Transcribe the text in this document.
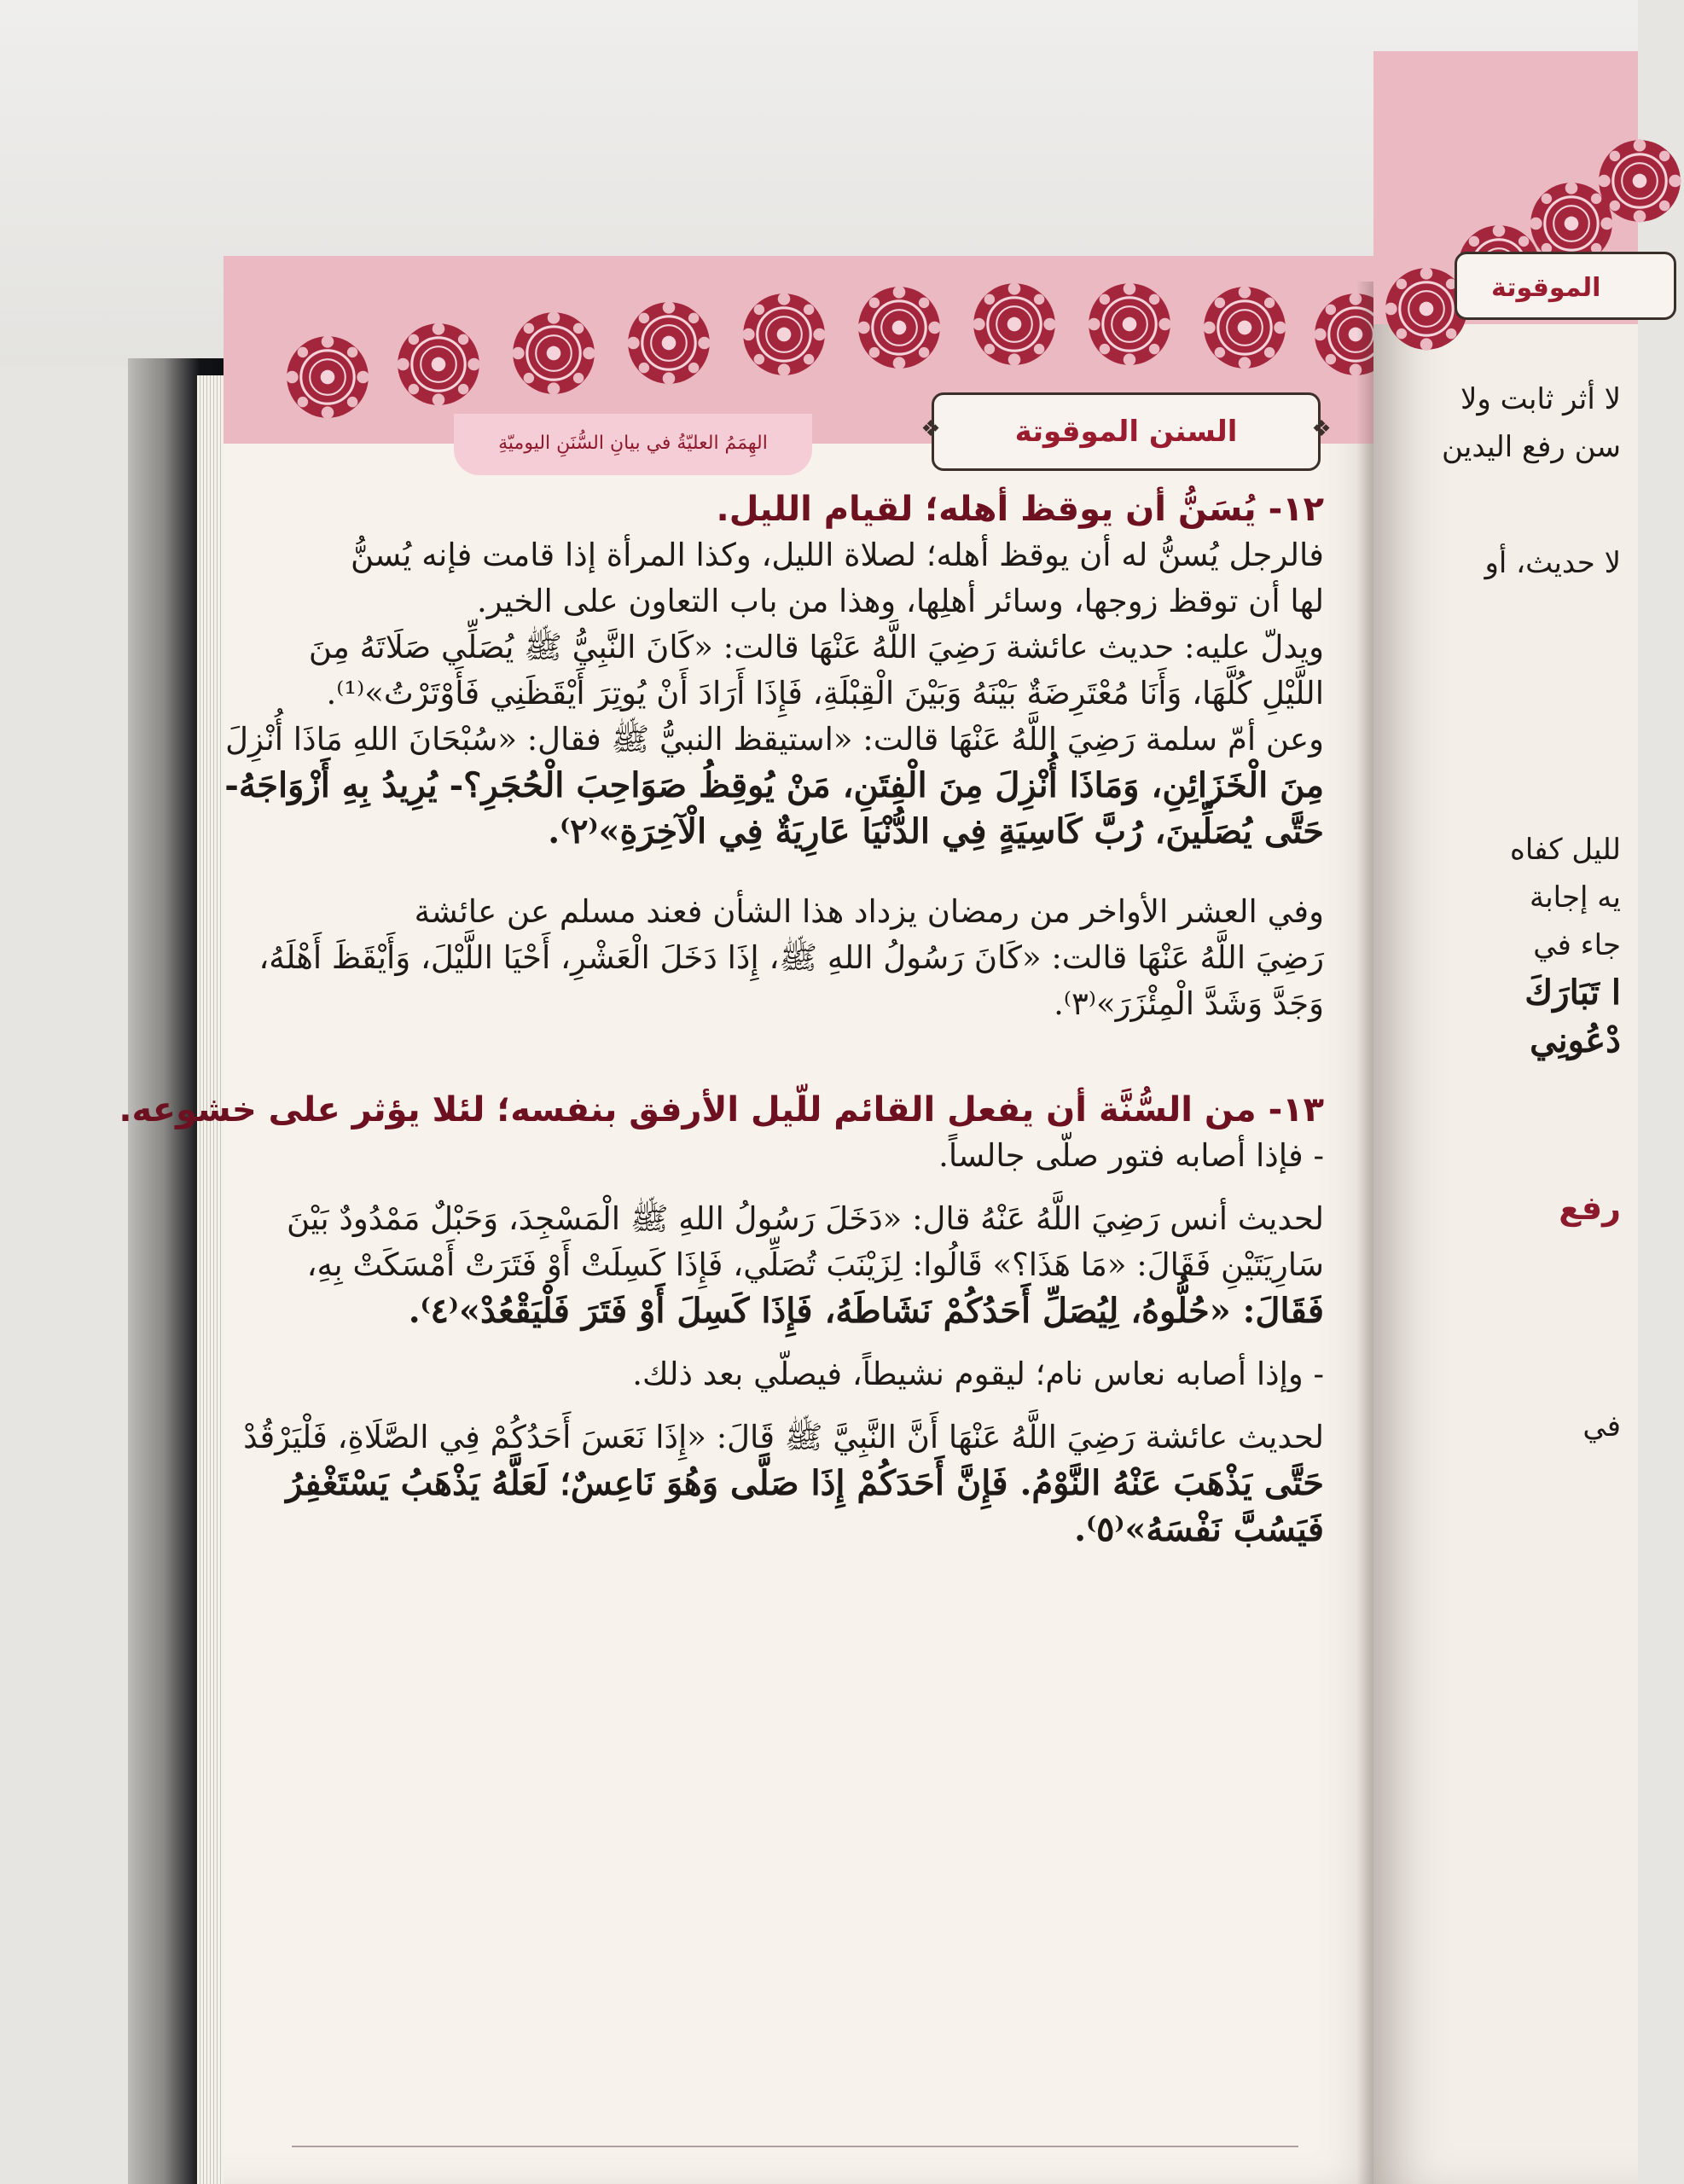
الهِمَمُ العليّةُ في بيانِ السُّنَنِ اليوميّةِ
❖	❖
السنن الموقوتة

١٢- يُسَنُّ أن يوقظ أهله؛ لقيام الليل.

فالرجل يُسنُّ له أن يوقظ أهله؛ لصلاة الليل، وكذا المرأة إذا قامت فإنه يُسنُّ

لها أن توقظ زوجها، وسائر أهلِها، وهذا من باب التعاون على الخير.

ويدلّ عليه: حديث عائشة رَضِيَ اللَّهُ عَنْهَا قالت: «كَانَ النَّبِيُّ ﷺ يُصَلِّي صَلَاتَهُ مِنَ

اللَّيْلِ كُلَّهَا، وَأَنَا مُعْتَرِضَةٌ بَيْنَهُ وَبَيْنَ الْقِبْلَةِ، فَإِذَا أَرَادَ أَنْ يُوتِرَ أَيْقَظَنِي فَأَوْتَرْتُ»⁽¹⁾.

وعن أمّ سلمة رَضِيَ اللَّهُ عَنْهَا قالت: «استيقظ النبيُّ ﷺ فقال: «سُبْحَانَ اللهِ مَاذَا أُنْزِلَ

مِنَ الْخَزَائِنِ، وَمَاذَا أُنْزِلَ مِنَ الْفِتَنِ، مَنْ يُوقِظُ صَوَاحِبَ الْحُجَرِ؟- يُرِيدُ بِهِ أَزْوَاجَهُ-

حَتَّى يُصَلِّينَ، رُبَّ كَاسِيَةٍ فِي الدُّنْيَا عَارِيَةٌ فِي الْآخِرَةِ»⁽٢⁾.

وفي العشر الأواخر من رمضان يزداد هذا الشأن فعند مسلم عن عائشة

رَضِيَ اللَّهُ عَنْهَا قالت: «كَانَ رَسُولُ اللهِ ﷺ، إِذَا دَخَلَ الْعَشْرِ، أَحْيَا اللَّيْلَ، وَأَيْقَظَ أَهْلَهُ،

وَجَدَّ وَشَدَّ الْمِئْزَرَ»⁽٣⁾.

١٣- من السُّنَّة أن يفعل القائم للّيل الأرفق بنفسه؛ لئلا يؤثر على خشوعه.

- فإذا أصابه فتور صلّى جالساً.

لحديث أنس رَضِيَ اللَّهُ عَنْهُ قال: «دَخَلَ رَسُولُ اللهِ ﷺ الْمَسْجِدَ، وَحَبْلٌ مَمْدُودٌ بَيْنَ

سَارِيَتَيْنِ فَقَالَ: «مَا هَذَا؟» قَالُوا: لِزَيْنَبَ تُصَلِّي، فَإِذَا كَسِلَتْ أَوْ فَتَرَتْ أَمْسَكَتْ بِهِ،

فَقَالَ: «حُلُّوهُ، لِيُصَلِّ أَحَدُكُمْ نَشَاطَهُ، فَإِذَا كَسِلَ أَوْ فَتَرَ فَلْيَقْعُدْ»⁽٤⁾.

- وإذا أصابه نعاس نام؛ ليقوم نشيطاً، فيصلّي بعد ذلك.

لحديث عائشة رَضِيَ اللَّهُ عَنْهَا أَنَّ النَّبِيَّ ﷺ قَالَ: «إِذَا نَعَسَ أَحَدُكُمْ فِي الصَّلَاةِ، فَلْيَرْقُدْ

حَتَّى يَذْهَبَ عَنْهُ النَّوْمُ. فَإِنَّ أَحَدَكُمْ إِذَا صَلَّى وَهُوَ نَاعِسٌ؛ لَعَلَّهُ يَذْهَبُ يَسْتَغْفِرُ

فَيَسُبَّ نَفْسَهُ»⁽٥⁾.

الموقوتة
لا أثر ثابت ولا
سن رفع اليدين
لا حديث، أو
لليل كفاه
يه إجابة
جاء في
ا تَبَارَكَ
دْعُونِي
رفع
في
